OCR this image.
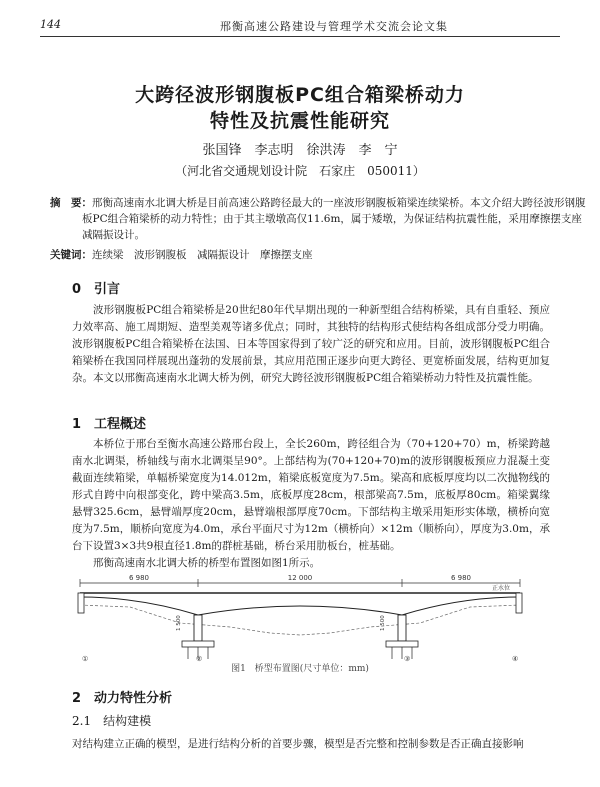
144	邢衡高速公路建设与管理学术交流会论文集
大跨径波形钢腹板PC组合箱梁桥动力
特性及抗震性能研究
张国锋　李志明　徐洪涛　李　宁
（河北省交通规划设计院　石家庄　050011）
摘　要：邢衡高速南水北调大桥是目前高速公路跨径最大的一座波形钢腹板箱梁连续梁桥。本文介绍大跨径波形钢腹板PC组合箱梁桥的动力特性；由于其主墩墩高仅11.6m，属于矮墩，为保证结构抗震性能，采用摩擦摆支座减隔振设计。
关键词：连续梁　波形钢腹板　减隔振设计　摩擦摆支座
0　引言

波形钢腹板PC组合箱梁桥是20世纪80年代早期出现的一种新型组合结构桥梁，具有自重轻、预应力效率高、施工周期短、造型美观等诸多优点；同时，其独特的结构形式使结构各组成部分受力明确。波形钢腹板PC组合箱梁桥在法国、日本等国家得到了较广泛的研究和应用。目前，波形钢腹板PC组合箱梁桥在我国同样展现出蓬勃的发展前景，其应用范围正逐步向更大跨径、更宽桥面发展，结构更加复杂。本文以邢衡高速南水北调大桥为例，研究大跨径波形钢腹板PC组合箱梁桥动力特性及抗震性能。

1　工程概述

本桥位于邢台至衡水高速公路邢台段上，全长260m，跨径组合为（70+120+70）m，桥梁跨越南水北调渠，桥轴线与南水北调渠呈90°。上部结构为(70+120+70)m的波形钢腹板预应力混凝土变截面连续箱梁，单幅桥梁宽度为14.012m，箱梁底板宽度为7.5m。梁高和底板厚度均以二次抛物线的形式自跨中向根部变化，跨中梁高3.5m，底板厚度28cm，根部梁高7.5m，底板厚80cm。箱梁翼缘悬臂325.6cm，悬臂端厚度20cm，悬臂端根部厚度70cm。下部结构主墩采用矩形实体墩，横桥向宽度为7.5m，顺桥向宽度为4.0m，承台平面尺寸为12m（横桥向）×12m（顺桥向），厚度为3.0m，承台下设置3×3共9根直径1.8m的群桩基础，桥台采用肋板台，桩基础。

邢衡高速南水北调大桥的桥型布置图如图1所示。

6 980	12 000	6 980
正水位
1 500	1 500
①	②	③	④
图1　桥型布置图(尺寸单位：mm)
2　动力特性分析
2.1　结构建模
对结构建立正确的模型，是进行结构分析的首要步骤，模型是否完整和控制参数是否正确直接影响
